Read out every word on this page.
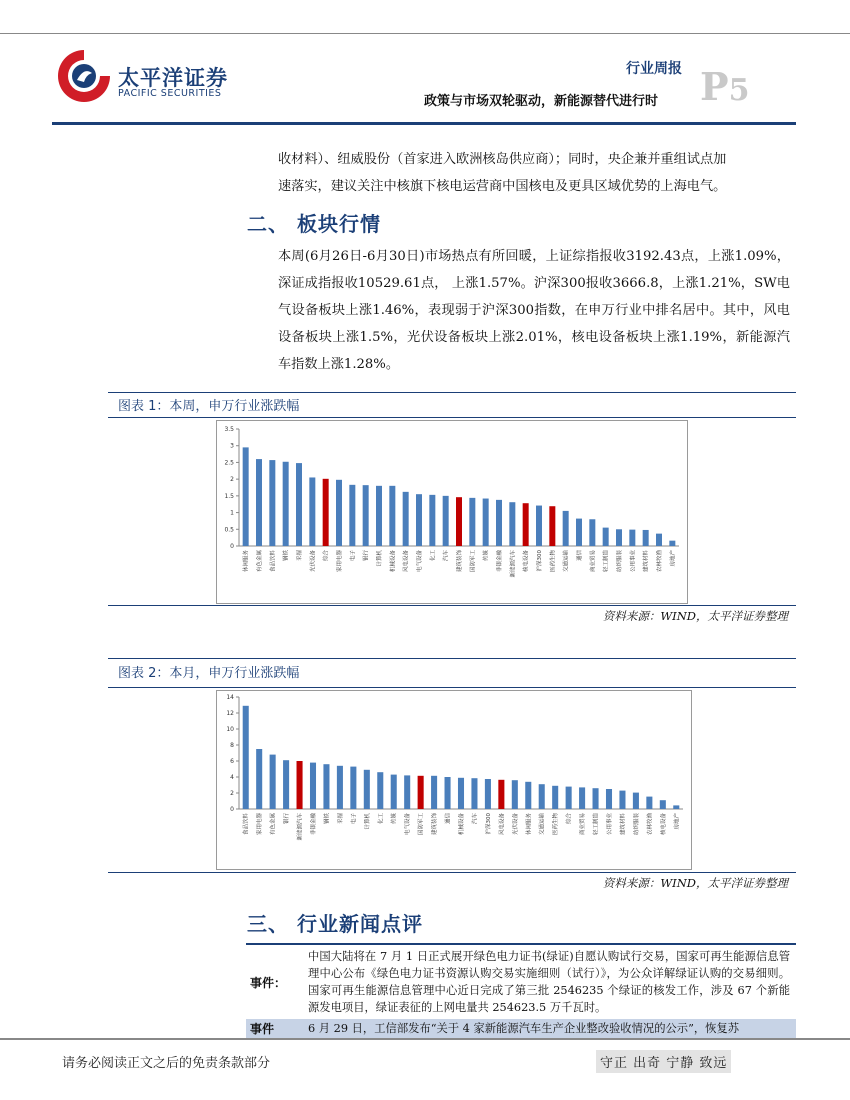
太平洋证券
PACIFIC SECURITIES
行业周报
政策与市场双轮驱动，新能源替代进行时 P5
收材料）、纽威股份（首家进入欧洲核岛供应商）；同时，央企兼并重组试点加
速落实，建议关注中核旗下核电运营商中国核电及更具区域优势的上海电气。
二、 板块行情
本周(6月26日-6月30日)市场热点有所回暖，上证综指报收3192.43点，上涨1.09%，深证成指报收10529.61点， 上涨1.57%。沪深300报收3666.8，上涨1.21%，SW电气设备板块上涨1.46%，表现弱于沪深300指数，在申万行业中排名居中。其中，风电设备板块上涨1.5%，光伏设备板块上涨2.01%，核电设备板块上涨1.19%，新能源汽车指数上涨1.28%。
图表 1：本周，申万行业涨跌幅
0
0.5
1
1.5
2
2.5
3
3.5
休闲服务	有色金属	食品饮料	钢铁	采掘	光伏设备	综合	家用电器	电子	银行	计算机	机械设备	风电设备	电气设备	化工	汽车	建筑装饰	国防军工	传媒	非银金融	新能源汽车	核电设备	沪深300	医药生物	交通运输	通信	商业贸易	轻工制造	纺织服装	公用事业	建筑材料	农林牧渔	房地产
资料来源：WIND，太平洋证券整理
图表 2：本月，申万行业涨跌幅
0
2
4
6
8
10
12
14
食品饮料	家用电器	有色金属	银行	新能源汽车	非银金融	钢铁	采掘	电子	计算机	化工	传媒	电气设备	国防军工	建筑装饰	通信	机械设备	汽车	沪深300	风电设备	光伏设备	休闲服务	交通运输	医药生物	综合	商业贸易	轻工制造	公用事业	建筑材料	纺织服装	农林牧渔	核电设备	房地产
资料来源：WIND，太平洋证券整理
三、 行业新闻点评
事件：	中国大陆将在 7 月 1 日正式展开绿色电力证书(绿证)自愿认购试行交易，国家可再生能源信息管理中心公布《绿色电力证书资源认购交易实施细则（试行）》，为公众详解绿证认购的交易细则。国家可再生能源信息管理中心近日完成了第三批 2546235 个绿证的核发工作，涉及 67 个新能源发电项目，绿证表征的上网电量共 254623.5 万千瓦时。
事件	6 月 29 日，工信部发布“关于 4 家新能源汽车生产企业整改验收情况的公示”，恢复苏
请务必阅读正文之后的免责条款部分	守正 出奇 宁静 致远
